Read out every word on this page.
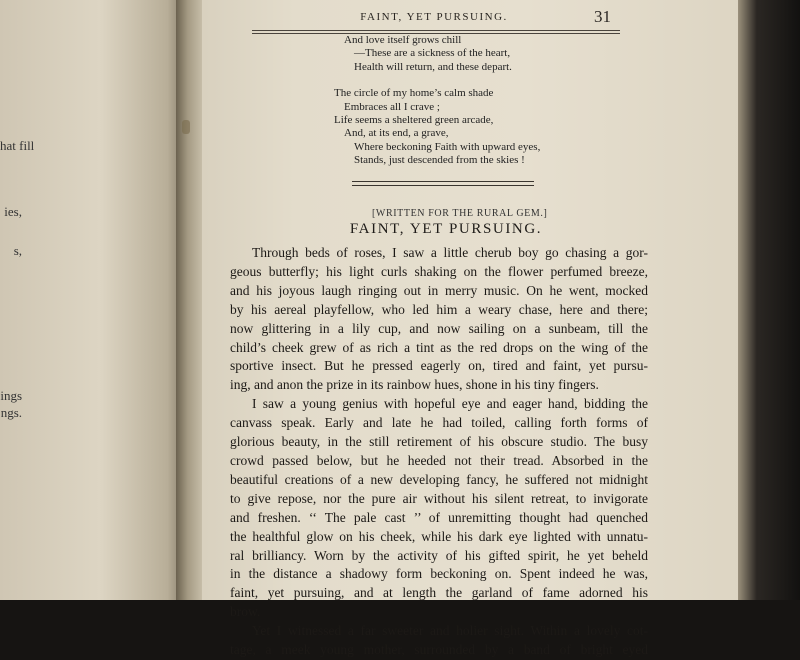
hat fill
ies,
s,
ings
ngs.
FAINT, YET PURSUING.	31
And love itself grows chill
—These are a sickness of the heart,
Health will return, and these depart.
The circle of my home’s calm shade
Embraces all I crave ;
Life seems a sheltered green arcade,
And, at its end, a grave,
Where beckoning Faith with upward eyes,
Stands, just descended from the skies !
[WRITTEN FOR THE RURAL GEM.]
FAINT, YET PURSUING.
Through beds of roses, I saw a little cherub boy go chasing a gor-
geous butterfly; his light curls shaking on the flower perfumed breeze,
and his joyous laugh ringing out in merry music. On he went, mocked
by his aereal playfellow, who led him a weary chase, here and there;
now glittering in a lily cup, and now sailing on a sunbeam, till the
child’s cheek grew of as rich a tint as the red drops on the wing of the
sportive insect. But he pressed eagerly on, tired and faint, yet pursu-
ing, and anon the prize in its rainbow hues, shone in his tiny fingers.
I saw a young genius with hopeful eye and eager hand, bidding the
canvass speak. Early and late he had toiled, calling forth forms of
glorious beauty, in the still retirement of his obscure studio. The busy
crowd passed below, but he heeded not their tread. Absorbed in the
beautiful creations of a new developing fancy, he suffered not midnight
to give repose, nor the pure air without his silent retreat, to invigorate
and freshen. ‘‘ The pale cast ’’ of unremitting thought had quenched
the healthful glow on his cheek, while his dark eye lighted with unnatu-
ral brilliancy. Worn by the activity of his gifted spirit, he yet beheld
in the distance a shadowy form beckoning on. Spent indeed he was,
faint, yet pursuing, and at length the garland of fame adorned his
brow.
Yet I witnessed a far sweeter and holier sight. Within a lovely cot-
tage, a meek young mother, surrounded by a band of bright eyed
